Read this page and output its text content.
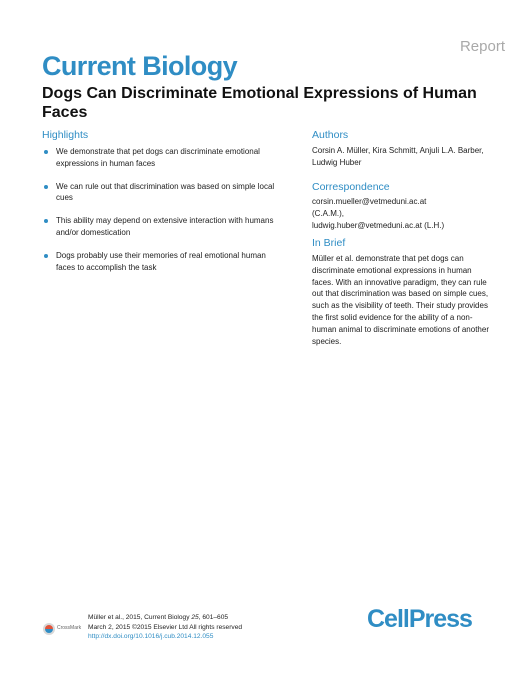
Report
Current Biology
Dogs Can Discriminate Emotional Expressions of Human Faces
Highlights
We demonstrate that pet dogs can discriminate emotional expressions in human faces
We can rule out that discrimination was based on simple local cues
This ability may depend on extensive interaction with humans and/or domestication
Dogs probably use their memories of real emotional human faces to accomplish the task
Authors
Corsin A. Müller, Kira Schmitt, Anjuli L.A. Barber, Ludwig Huber
Correspondence
corsin.mueller@vetmeduni.ac.at
(C.A.M.),
ludwig.huber@vetmeduni.ac.at (L.H.)
In Brief
Müller et al. demonstrate that pet dogs can discriminate emotional expressions in human faces. With an innovative paradigm, they can rule out that discrimination was based on simple cues, such as the visibility of teeth. Their study provides the first solid evidence for the ability of a non-human animal to discriminate emotions of another species.
CrossMark
Müller et al., 2015, Current Biology 25, 601–605
March 2, 2015 ©2015 Elsevier Ltd All rights reserved
http://dx.doi.org/10.1016/j.cub.2014.12.055
CellPress
